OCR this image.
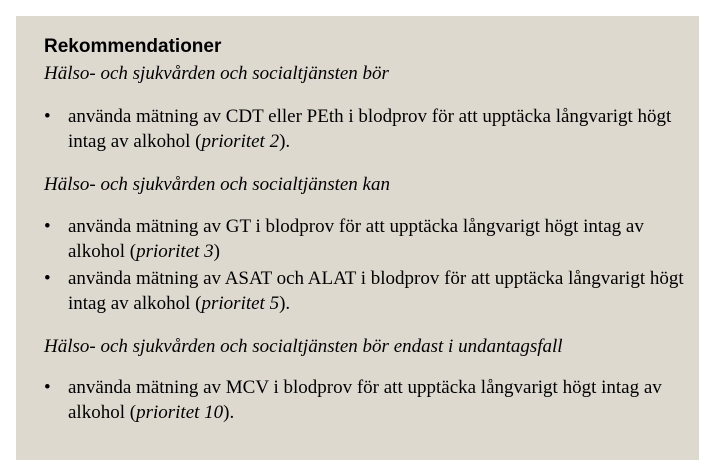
Rekommendationer

Hälso- och sjukvården och socialtjänsten bör

• använda mätning av CDT eller PEth i blodprov för att upptäcka långvarigt högt intag av alkohol (prioritet 2).

Hälso- och sjukvården och socialtjänsten kan

• använda mätning av GT i blodprov för att upptäcka långvarigt högt intag av alkohol (prioritet 3)
• använda mätning av ASAT och ALAT i blodprov för att upptäcka långvarigt högt intag av alkohol (prioritet 5).

Hälso- och sjukvården och socialtjänsten bör endast i undantagsfall

• använda mätning av MCV i blodprov för att upptäcka långvarigt högt intag av alkohol (prioritet 10).
